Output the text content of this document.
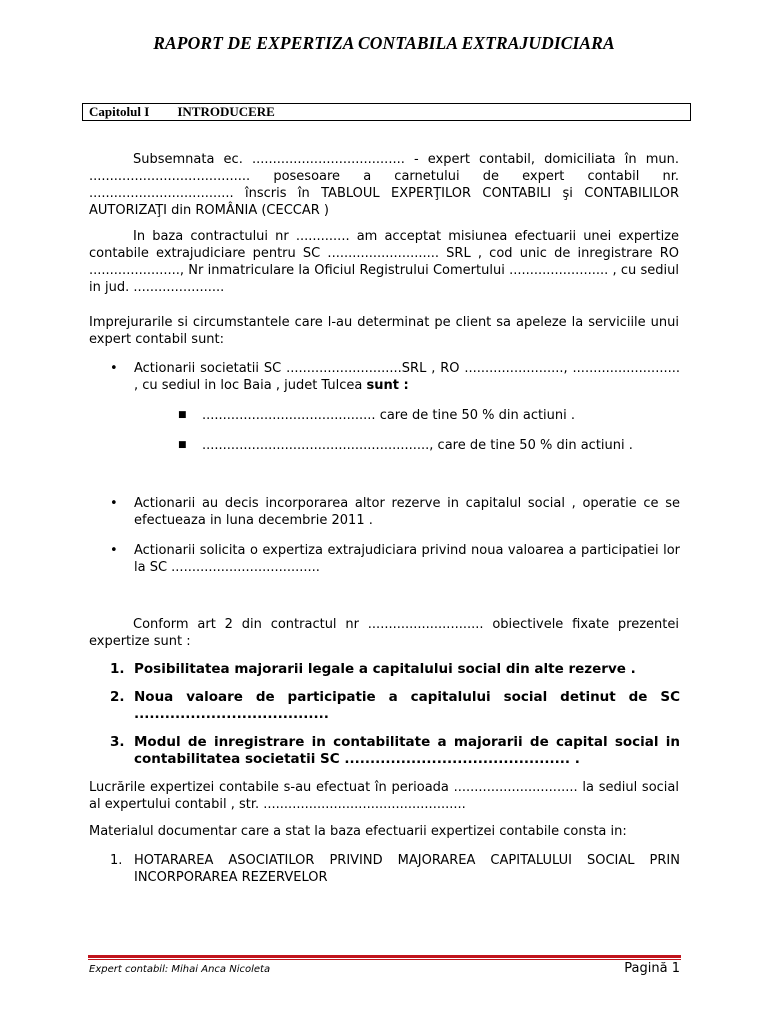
RAPORT DE EXPERTIZA CONTABILA EXTRAJUDICIARA
Capitolul I INTRODUCERE
Subsemnata ec. ..................................... - expert contabil, domiciliata în mun. ....................................... posesoare a carnetului de expert contabil nr. ................................... înscris în TABLOUL EXPERŢILOR CONTABILI şi CONTABILILOR AUTORIZAŢI din ROMÂNIA (CECCAR )
In baza contractului nr ............. am acceptat misiunea efectuarii unei expertize contabile extrajudiciare pentru SC ........................... SRL , cod unic de inregistrare RO ......................, Nr inmatriculare la Oficiul Registrului Comertului ........................ , cu sediul in jud. ......................
Imprejurarile si circumstantele care l-au determinat pe client sa apeleze la serviciile unui expert contabil sunt:
• Actionarii societatii SC ............................SRL , RO ........................, .......................... , cu sediul in loc Baia , judet Tulcea sunt :
■ .......................................... care de tine 50 % din actiuni .
■ ......................................................., care de tine 50 % din actiuni .
• Actionarii au decis incorporarea altor rezerve in capitalul social , operatie ce se efectueaza in luna decembrie 2011 .
• Actionarii solicita o expertiza extrajudiciara privind noua valoarea a participatiei lor la SC ....................................
Conform art 2 din contractul nr ............................ obiectivele fixate prezentei expertize sunt :
1. Posibilitatea majorarii legale a capitalului social din alte rezerve .
2. Noua valoare de participatie a capitalului social detinut de SC ......................................
3. Modul de inregistrare in contabilitate a majorarii de capital social in contabilitatea societatii SC ............................................ .
Lucrările expertizei contabile s-au efectuat în perioada .............................. la sediul social al expertului contabil , str. .................................................
Materialul documentar care a stat la baza efectuarii expertizei contabile consta in:
1. HOTARAREA ASOCIATILOR PRIVIND MAJORAREA CAPITALULUI SOCIAL PRIN INCORPORAREA REZERVELOR
Expert contabil: Mihai Anca Nicoleta	Pagină 1
